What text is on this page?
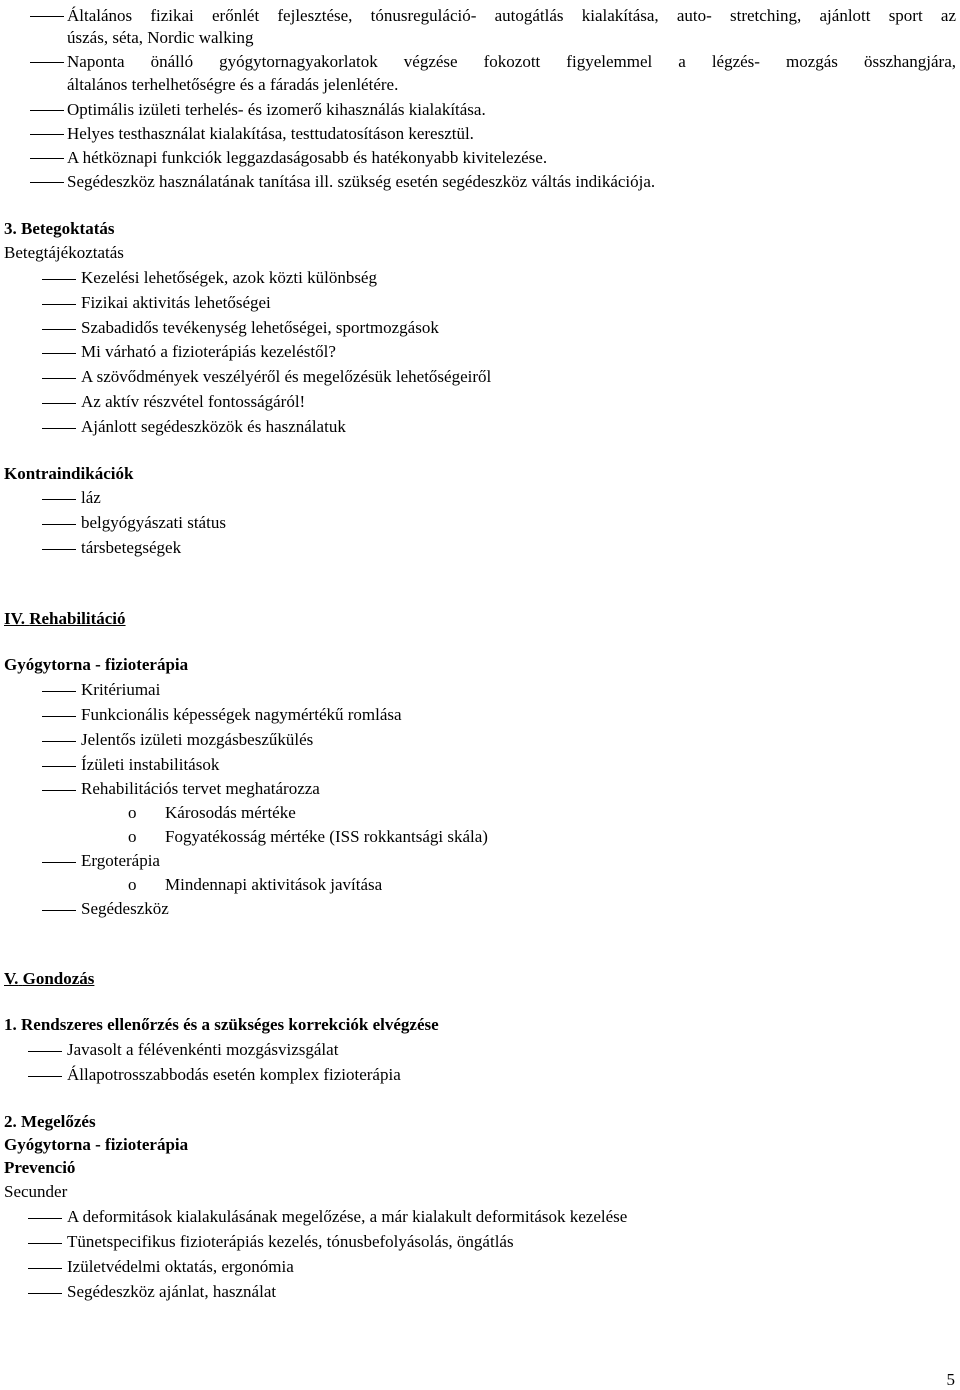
Általános fizikai erőnlét fejlesztése, tónusreguláció- autogátlás kialakítása, auto- stretching, ajánlott sport az
úszás, séta, Nordic walking
Naponta önálló gyógytornagyakorlatok végzése fokozott figyelemmel a légzés- mozgás összhangjára,
általános terhelhetőségre és a fáradás jelenlétére.
Optimális izületi terhelés- és izomerő kihasználás kialakítása.
Helyes testhasználat kialakítása, testtudatosításon keresztül.
A hétköznapi funkciók leggazdaságosabb és hatékonyabb kivitelezése.
Segédeszköz használatának tanítása ill. szükség esetén segédeszköz váltás indikációja.
3. Betegoktatás
Betegtájékoztatás
Kezelési lehetőségek, azok közti különbség
Fizikai aktivitás lehetőségei
Szabadidős tevékenység lehetőségei, sportmozgások
Mi várható a fizioterápiás kezeléstől?
A szövődmények veszélyéről és megelőzésük lehetőségeiről
Az aktív részvétel fontosságáról!
Ajánlott segédeszközök és használatuk
Kontraindikációk
láz
belgyógyászati státus
társbetegségek
IV. Rehabilitáció
Gyógytorna - fizioterápia
Kritériumai
Funkcionális képességek nagymértékű romlása
Jelentős izületi mozgásbeszűkülés
Ízületi instabilitások
Rehabilitációs tervet meghatározza
o Károsodás mértéke
o Fogyatékosság mértéke (ISS rokkantsági skála)
Ergoterápia
o Mindennapi aktivitások javítása
Segédeszköz
V. Gondozás
1. Rendszeres ellenőrzés és a szükséges korrekciók elvégzése
Javasolt a félévenkénti mozgásvizsgálat
Állapotrosszabbodás esetén komplex fizioterápia
2. Megelőzés
Gyógytorna - fizioterápia
Prevenció
Secunder
A deformitások kialakulásának megelőzése, a már kialakult deformitások kezelése
Tünetspecifikus fizioterápiás kezelés, tónusbefolyásolás, öngátlás
Izületvédelmi oktatás, ergonómia
Segédeszköz ajánlat, használat
5
